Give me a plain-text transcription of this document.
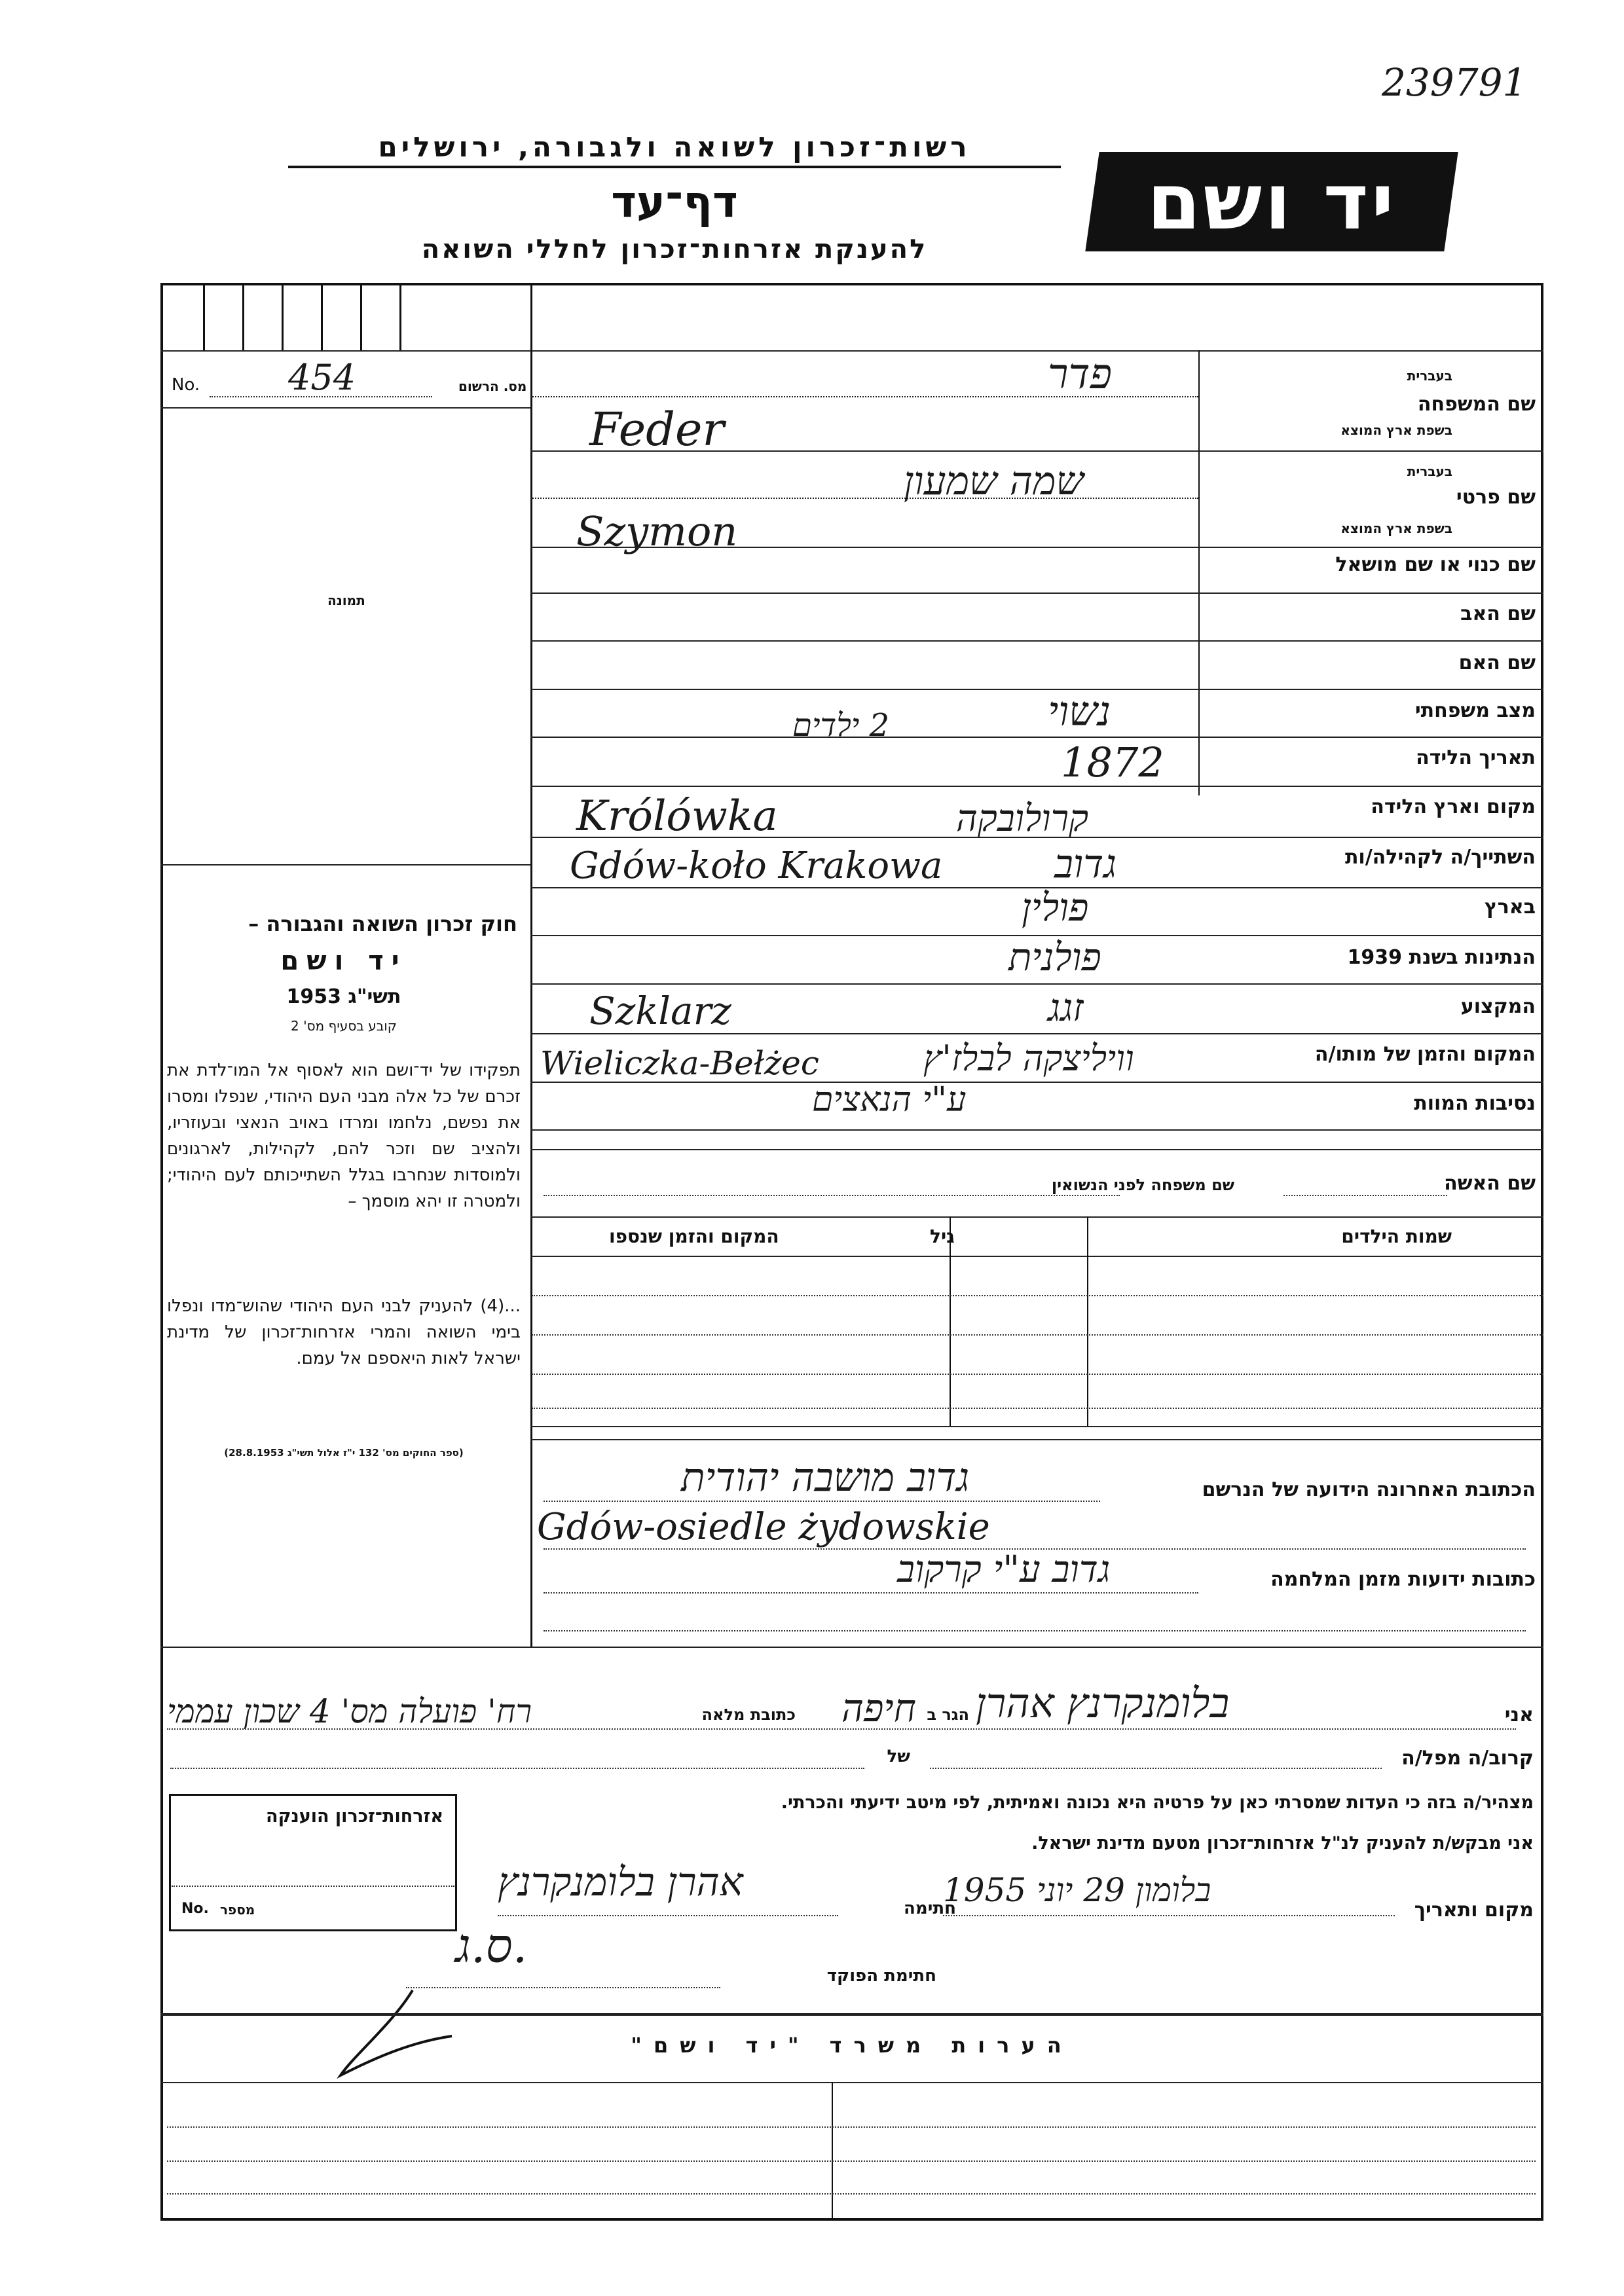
239791
רשות־זכרון לשואה ולגבורה, ירושלים
דף־עד
להענקת אזרחות־זכרון לחללי השואה
יד ושם
No. 454	מס. הרשום
תמונה
חוק זכרון השואה והגבורה –
יד ושם
תשי"ג 1953
קובע בסעיף מס' 2
תפקידו של יד־ושם הוא לאסוף אל המו־לדת את זכרם של כל אלה מבני העם היהודי, שנפלו ומסרו את נפשם, נלחמו ומרדו באויב הנאצי ובעוזריו, ולהציב שם וזכר להם, לקהילות, לארגונים ולמוסדות שנחרבו בגלל השתייכותם לעם היהודי; ולמטרה זו יהא מוסמך –
...(4) להעניק לבני העם היהודי שהוש־מדו ונפלו בימי השואה והמרי אזרחות־זכרון של מדינת ישראל לאות היאספם אל עמם.
(ספר החוקים מס' 132 י"ז אלול תשי"ג 28.8.1953)
שם המשפחה
בעברית
בשפת ארץ המוצא
פדר
Feder
שם פרטי
בעברית
בשפת ארץ המוצא
שמה שמעון
Szymon
שם כנוי או שם מושאל
שם האב
שם האם
מצב משפחתי
נשוי
2 ילדים
תאריך הלידה
1872
מקום וארץ הלידה
קרולובקה
Królówka
השתייך/ה לקהילה/ות
גדוב
Gdów-koło Krakowa
בארץ
פולין
הנתינות בשנת 1939
פולנית
המקצוע
זגג
Szklarz
המקום והזמן של מותו/ה
וויליצקה לבלז'ץ
Wieliczka-Bełżec
נסיבות המוות
ע"י הנאצים
שם האשה
שם משפחה לפני הנשואין
שמות הילדים
גיל
המקום והזמן שנספו
הכתובת האחרונה הידועה של הנרשם
גדוב מושבה יהודית
Gdów-osiedle żydowskie
כתובות ידועות מזמן המלחמה
גדוב ע"י קרקוב
אני
בלומנקרנץ אהרן
הגר ב
חיפה
כתובת מלאה
רח' פועלה מס' 4 שכון עממי
קרוב/ה מפל/ה
של
מצהיר/ה בזה כי העדות שמסרתי כאן על פרטיה היא נכונה ואמיתית, לפי מיטב ידיעתי והכרתי.
אני מבקש/ת להעניק לנ"ל אזרחות־זכרון מטעם מדינת ישראל.
מקום ותאריך
בלומון 29 יוני 1955
חתימה
אהרן בלומנקרנץ
חתימת הפוקד
ס.ג.
אזרחות־זכרון הוענקה
No. מספר
הערות משרד "יד ושם"
